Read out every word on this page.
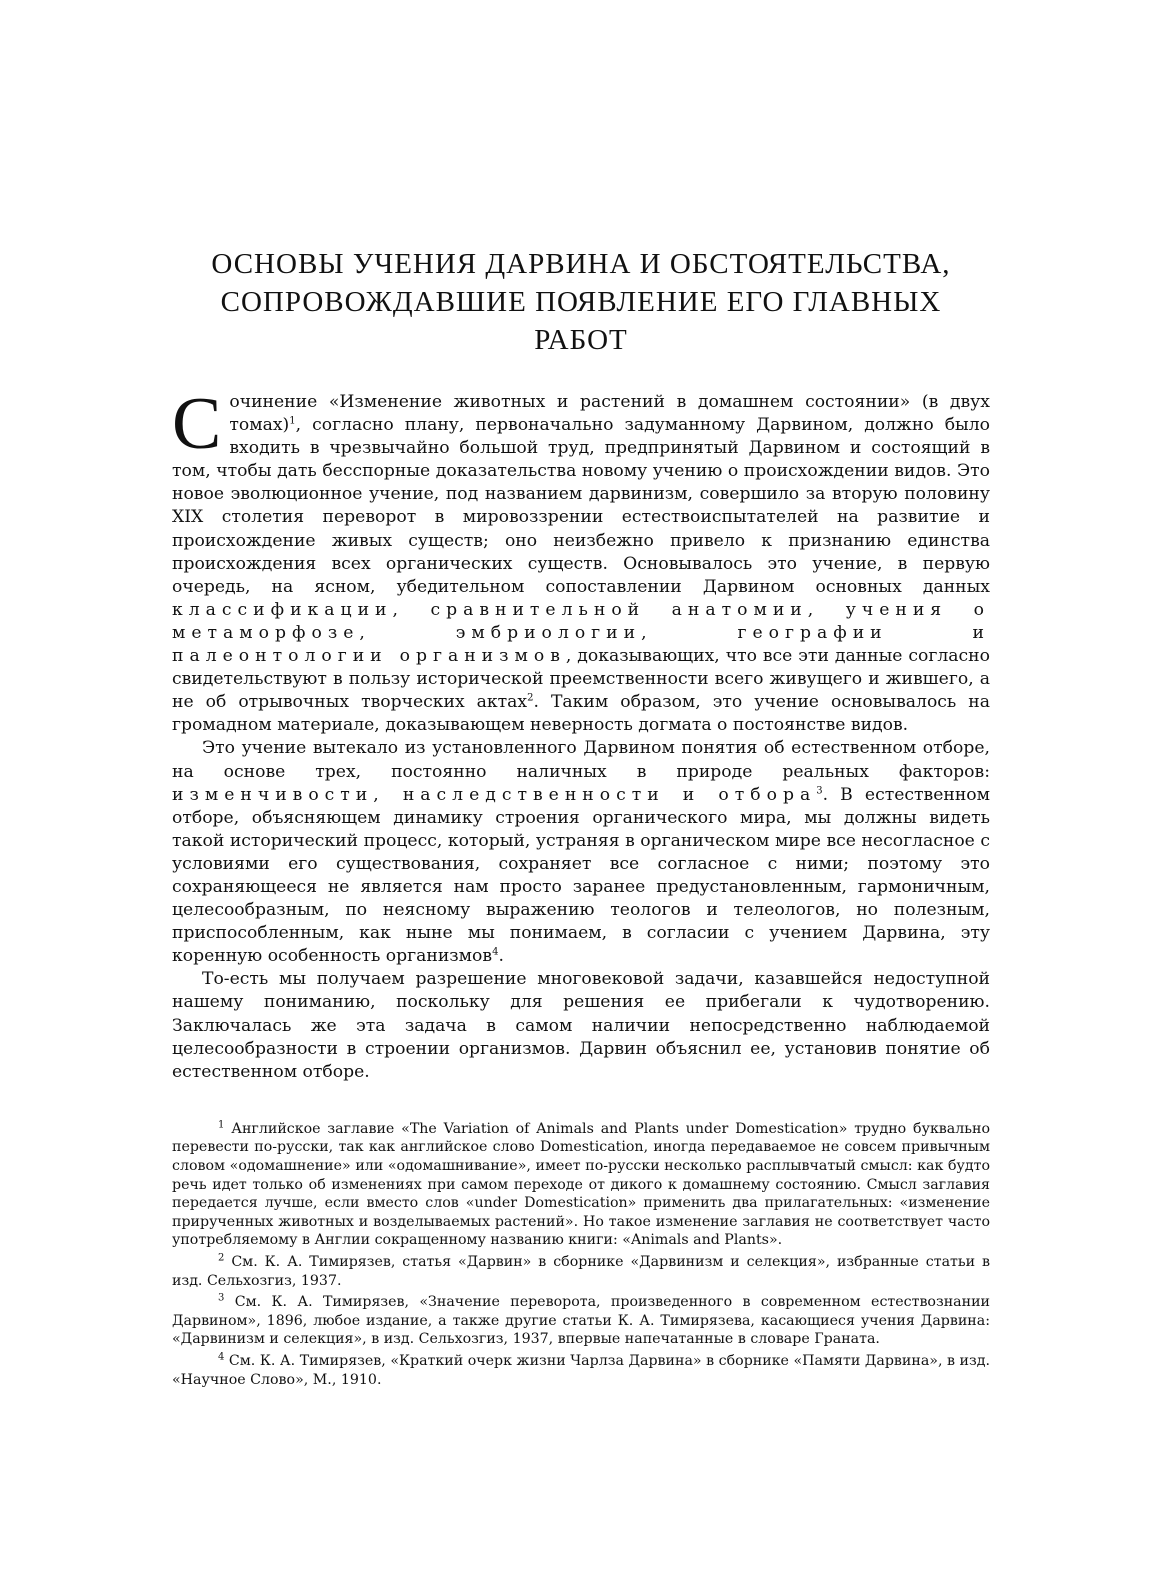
ОСНОВЫ УЧЕНИЯ ДАРВИНА И ОБСТОЯТЕЛЬСТВА,
СОПРОВОЖДАВШИЕ ПОЯВЛЕНИЕ ЕГО ГЛАВНЫХ РАБОТ

Сочинение «Изменение животных и растений в домашнем состоянии» (в двух томах)$^1$, согласно плану, первоначально задуманному Дарвином, должно было входить в чрезвычайно большой труд, предпринятый Дарвином и состоящий в том, чтобы дать бесспорные доказательства новому учению о происхождении видов. Это новое эволюционное учение, под названием дарвинизм, совершило за вторую половину XIX столетия переворот в мировоззрении естествоиспытателей на развитие и происхождение живых существ; оно неизбежно привело к признанию единства происхождения всех органических существ. Основывалось это учение, в первую очередь, на ясном, убедительном сопоставлении Дарвином основных данных классификации, сравнительной анатомии, учения о метаморфозе, эмбриологии, географии и палеонтологии организмов, доказывающих, что все эти данные согласно свидетельствуют в пользу исторической преемственности всего живущего и жившего, а не об отрывочных творческих актах$^2$. Таким образом, это учение основывалось на громадном материале, доказывающем неверность догмата о постоянстве видов.

Это учение вытекало из установленного Дарвином понятия об естественном отборе, на основе трех, постоянно наличных в природе реальных факторов: изменчивости, наследственности и отбора$^3$. В естественном отборе, объясняющем динамику строения органического мира, мы должны видеть такой исторический процесс, который, устраняя в органическом мире все несогласное с условиями его существования, сохраняет все согласное с ними; поэтому это сохраняющееся не является нам просто заранее предустановленным, гармоничным, целесообразным, по неясному выражению теологов и телеологов, но полезным, приспособленным, как ныне мы понимаем, в согласии с учением Дарвина, эту коренную особенность организмов$^4$.

То-есть мы получаем разрешение многовековой задачи, казавшейся недоступной нашему пониманию, поскольку для решения ее прибегали к чудотворению. Заключалась же эта задача в самом наличии непосредственно наблюдаемой целесообразности в строении организмов. Дарвин объяснил ее, установив понятие об естественном отборе.

$^1$ Английское заглавие «The Variation of Animals and Plants under Domestication» трудно буквально перевести по-русски, так как английское слово Domestication, иногда передаваемое не совсем привычным словом «одомашнение» или «одомашнивание», имеет по-русски несколько расплывчатый смысл: как будто речь идет только об изменениях при самом переходе от дикого к домашнему состоянию. Смысл заглавия передается лучше, если вместо слов «under Domestication» применить два прилагательных: «изменение прирученных животных и возделываемых растений». Но такое изменение заглавия не соответствует часто употребляемому в Англии сокращенному названию книги: «Animals and Plants».

$^2$ См. К. А. Тимирязев, статья «Дарвин» в сборнике «Дарвинизм и селекция», избранные статьи в изд. Сельхозгиз, 1937.

$^3$ См. К. А. Тимирязев, «Значение переворота, произведенного в современном естествознании Дарвином», 1896, любое издание, а также другие статьи К. А. Тимирязева, касающиеся учения Дарвина: «Дарвинизм и селекция», в изд. Сельхозгиз, 1937, впервые напечатанные в словаре Граната.

$^4$ См. К. А. Тимирязев, «Краткий очерк жизни Чарлза Дарвина» в сборнике «Памяти Дарвина», в изд. «Научное Слово», М., 1910.
